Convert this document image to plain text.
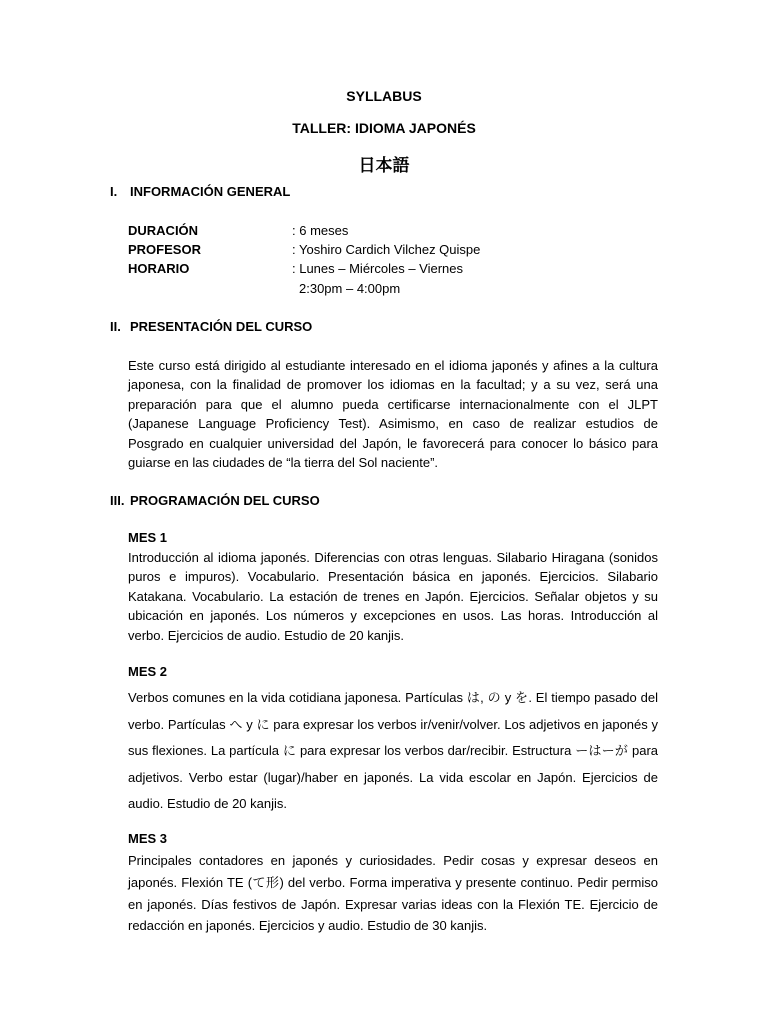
SYLLABUS
TALLER: IDIOMA JAPONÉS
日本語
I. INFORMACIÓN GENERAL
DURACIÓN	: 6 meses
PROFESOR	: Yoshiro Cardich Vilchez Quispe
HORARIO	: Lunes – Miércoles – Viernes
2:30pm – 4:00pm
II. PRESENTACIÓN DEL CURSO

Este curso está dirigido al estudiante interesado en el idioma japonés y afines a la cultura japonesa, con la finalidad de promover los idiomas en la facultad; y a su vez, será una preparación para que el alumno pueda certificarse internacionalmente con el JLPT (Japanese Language Proficiency Test). Asimismo, en caso de realizar estudios de Posgrado en cualquier universidad del Japón, le favorecerá para conocer lo básico para guiarse en las ciudades de “la tierra del Sol naciente”.

III. PROGRAMACIÓN DEL CURSO
MES 1

Introducción al idioma japonés. Diferencias con otras lenguas. Silabario Hiragana (sonidos puros e impuros). Vocabulario. Presentación básica en japonés. Ejercicios. Silabario Katakana. Vocabulario. La estación de trenes en Japón. Ejercicios. Señalar objetos y su ubicación en japonés. Los números y excepciones en usos. Las horas. Introducción al verbo. Ejercicios de audio. Estudio de 20 kanjis.

MES 2

Verbos comunes en la vida cotidiana japonesa. Partículas は, の y を. El tiempo pasado del verbo. Partículas へ y に para expresar los verbos ir/venir/volver. Los adjetivos en japonés y sus flexiones. La partícula に para expresar los verbos dar/recibir. Estructura ーはーが para adjetivos. Verbo estar (lugar)/haber en japonés. La vida escolar en Japón. Ejercicios de audio. Estudio de 20 kanjis.

MES 3

Principales contadores en japonés y curiosidades. Pedir cosas y expresar deseos en japonés. Flexión TE (て形) del verbo. Forma imperativa y presente continuo. Pedir permiso en japonés. Días festivos de Japón. Expresar varias ideas con la Flexión TE. Ejercicio de redacción en japonés. Ejercicios y audio. Estudio de 30 kanjis.
